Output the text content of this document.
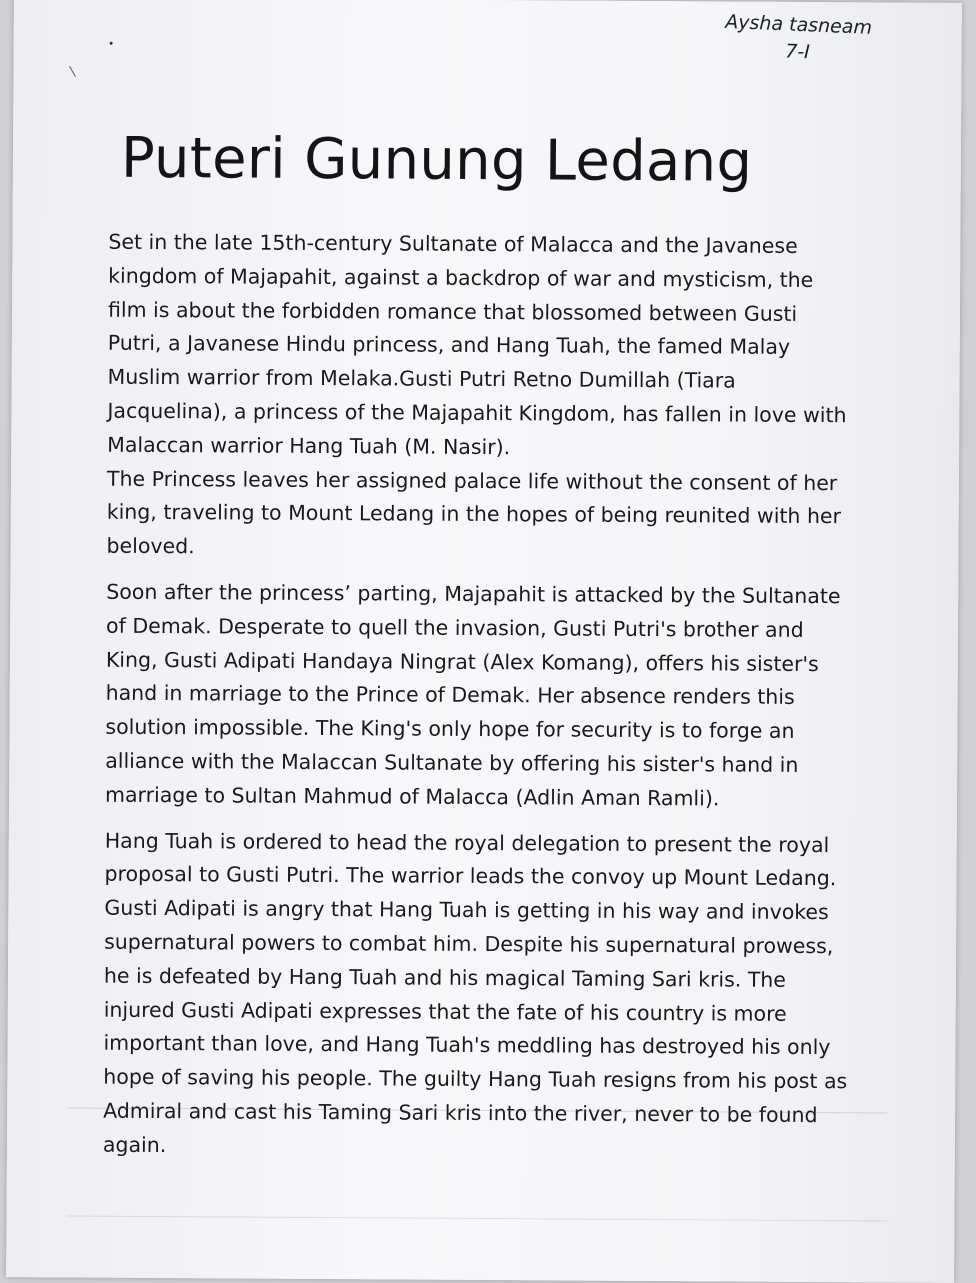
Aysha tasneam
7-I
Puteri Gunung Ledang

Set in the late 15th-century Sultanate of Malacca and the Javanese
kingdom of Majapahit, against a backdrop of war and mysticism, the
film is about the forbidden romance that blossomed between Gusti
Putri, a Javanese Hindu princess, and Hang Tuah, the famed Malay
Muslim warrior from Melaka.Gusti Putri Retno Dumillah (Tiara
Jacquelina), a princess of the Majapahit Kingdom, has fallen in love with
Malaccan warrior Hang Tuah (M. Nasir).
The Princess leaves her assigned palace life without the consent of her
king, traveling to Mount Ledang in the hopes of being reunited with her
beloved.

Soon after the princess’ parting, Majapahit is attacked by the Sultanate
of Demak. Desperate to quell the invasion, Gusti Putri's brother and
King, Gusti Adipati Handaya Ningrat (Alex Komang), offers his sister's
hand in marriage to the Prince of Demak. Her absence renders this
solution impossible. The King's only hope for security is to forge an
alliance with the Malaccan Sultanate by offering his sister's hand in
marriage to Sultan Mahmud of Malacca (Adlin Aman Ramli).

Hang Tuah is ordered to head the royal delegation to present the royal
proposal to Gusti Putri. The warrior leads the convoy up Mount Ledang.
Gusti Adipati is angry that Hang Tuah is getting in his way and invokes
supernatural powers to combat him. Despite his supernatural prowess,
he is defeated by Hang Tuah and his magical Taming Sari kris. The
injured Gusti Adipati expresses that the fate of his country is more
important than love, and Hang Tuah's meddling has destroyed his only
hope of saving his people. The guilty Hang Tuah resigns from his post as
Admiral and cast his Taming Sari kris into the river, never to be found
again.
